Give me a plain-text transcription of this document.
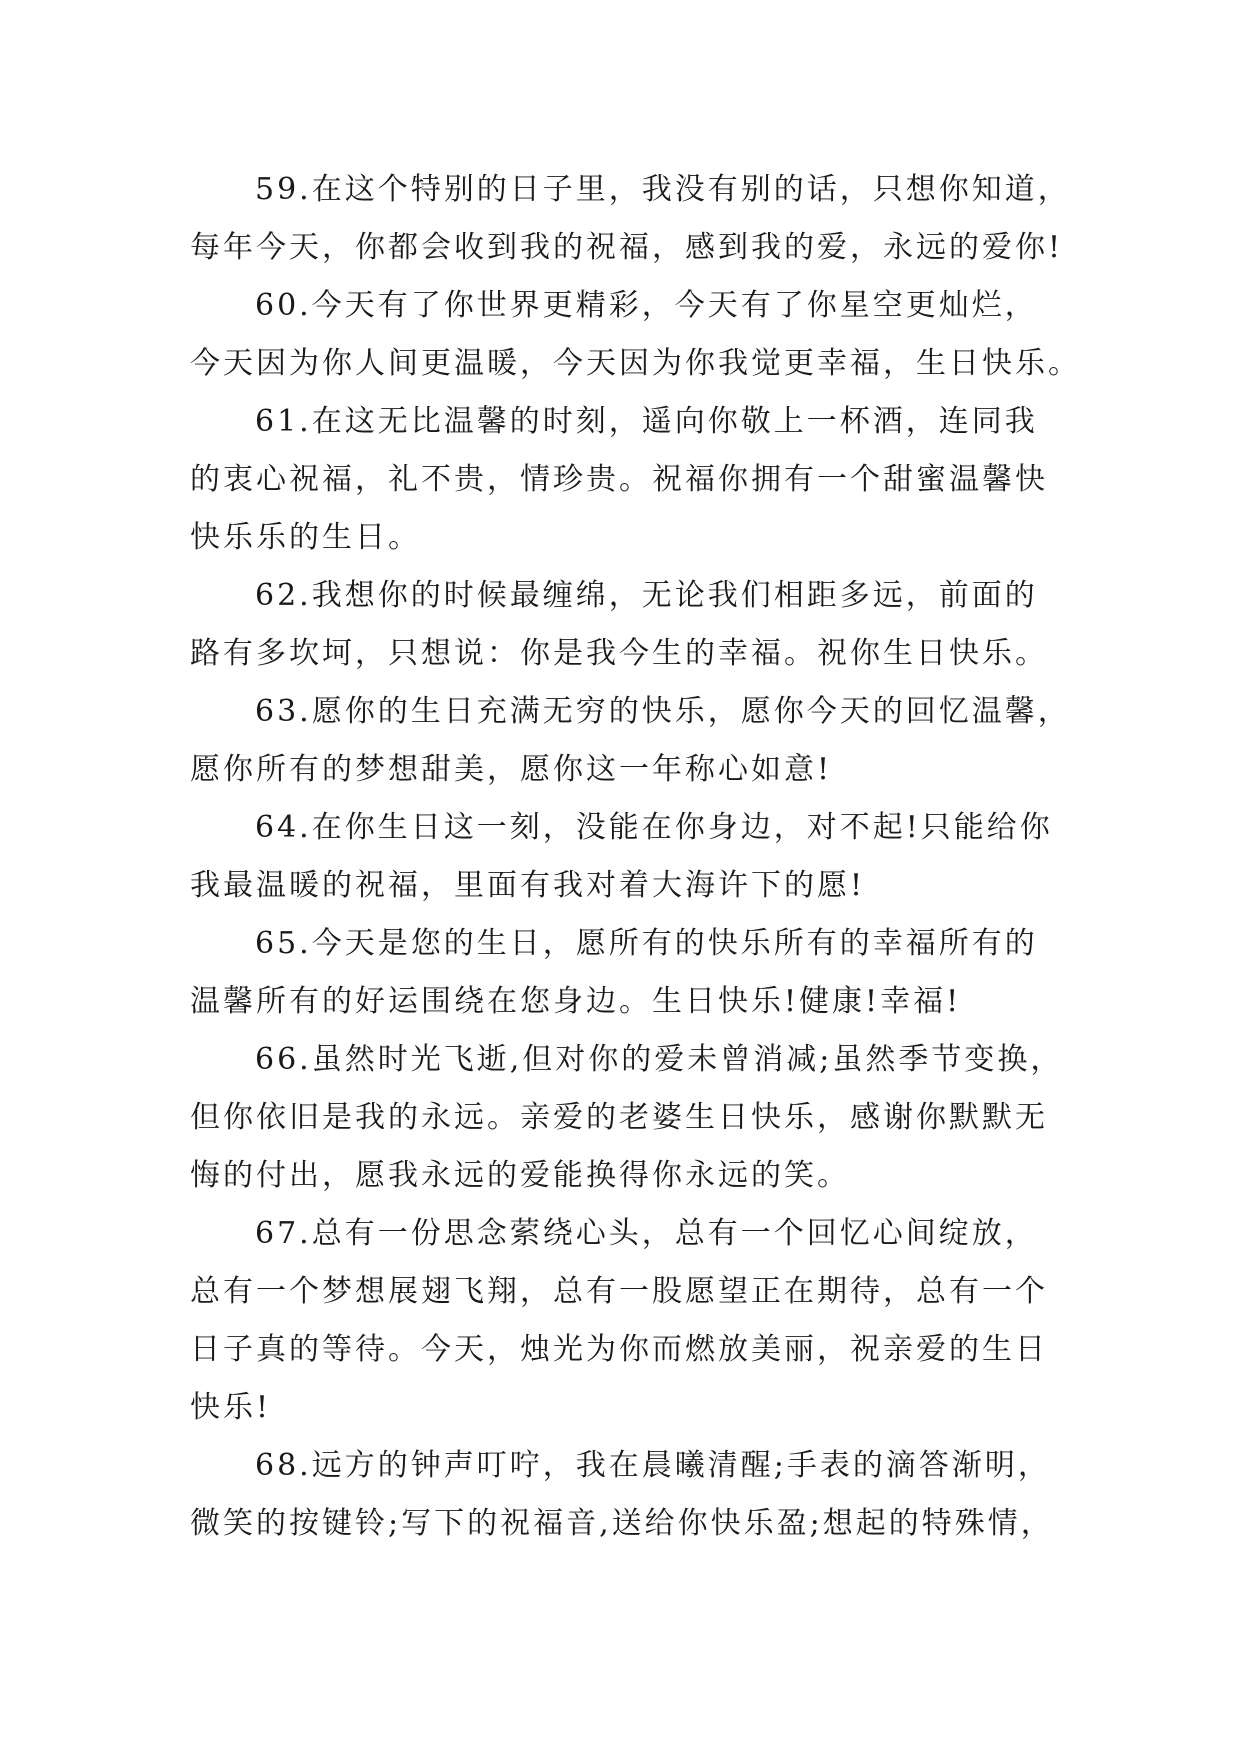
59.在这个特别的日子里，我没有别的话，只想你知道，

每年今天，你都会收到我的祝福，感到我的爱，永远的爱你!

60.今天有了你世界更精彩，今天有了你星空更灿烂，

今天因为你人间更温暖，今天因为你我觉更幸福，生日快乐。

61.在这无比温馨的时刻，遥向你敬上一杯酒，连同我

的衷心祝福，礼不贵，情珍贵。祝福你拥有一个甜蜜温馨快

快乐乐的生日。

62.我想你的时候最缠绵，无论我们相距多远，前面的

路有多坎坷，只想说：你是我今生的幸福。祝你生日快乐。

63.愿你的生日充满无穷的快乐，愿你今天的回忆温馨，

愿你所有的梦想甜美，愿你这一年称心如意!

64.在你生日这一刻，没能在你身边，对不起!只能给你

我最温暖的祝福，里面有我对着大海许下的愿!

65.今天是您的生日，愿所有的快乐所有的幸福所有的

温馨所有的好运围绕在您身边。生日快乐!健康!幸福!

66.虽然时光飞逝,但对你的爱未曾消减;虽然季节变换，

但你依旧是我的永远。亲爱的老婆生日快乐，感谢你默默无

悔的付出，愿我永远的爱能换得你永远的笑。

67.总有一份思念萦绕心头，总有一个回忆心间绽放，

总有一个梦想展翅飞翔，总有一股愿望正在期待，总有一个

日子真的等待。今天，烛光为你而燃放美丽，祝亲爱的生日

快乐!

68.远方的钟声叮咛，我在晨曦清醒;手表的滴答渐明，

微笑的按键铃;写下的祝福音,送给你快乐盈;想起的特殊情，
